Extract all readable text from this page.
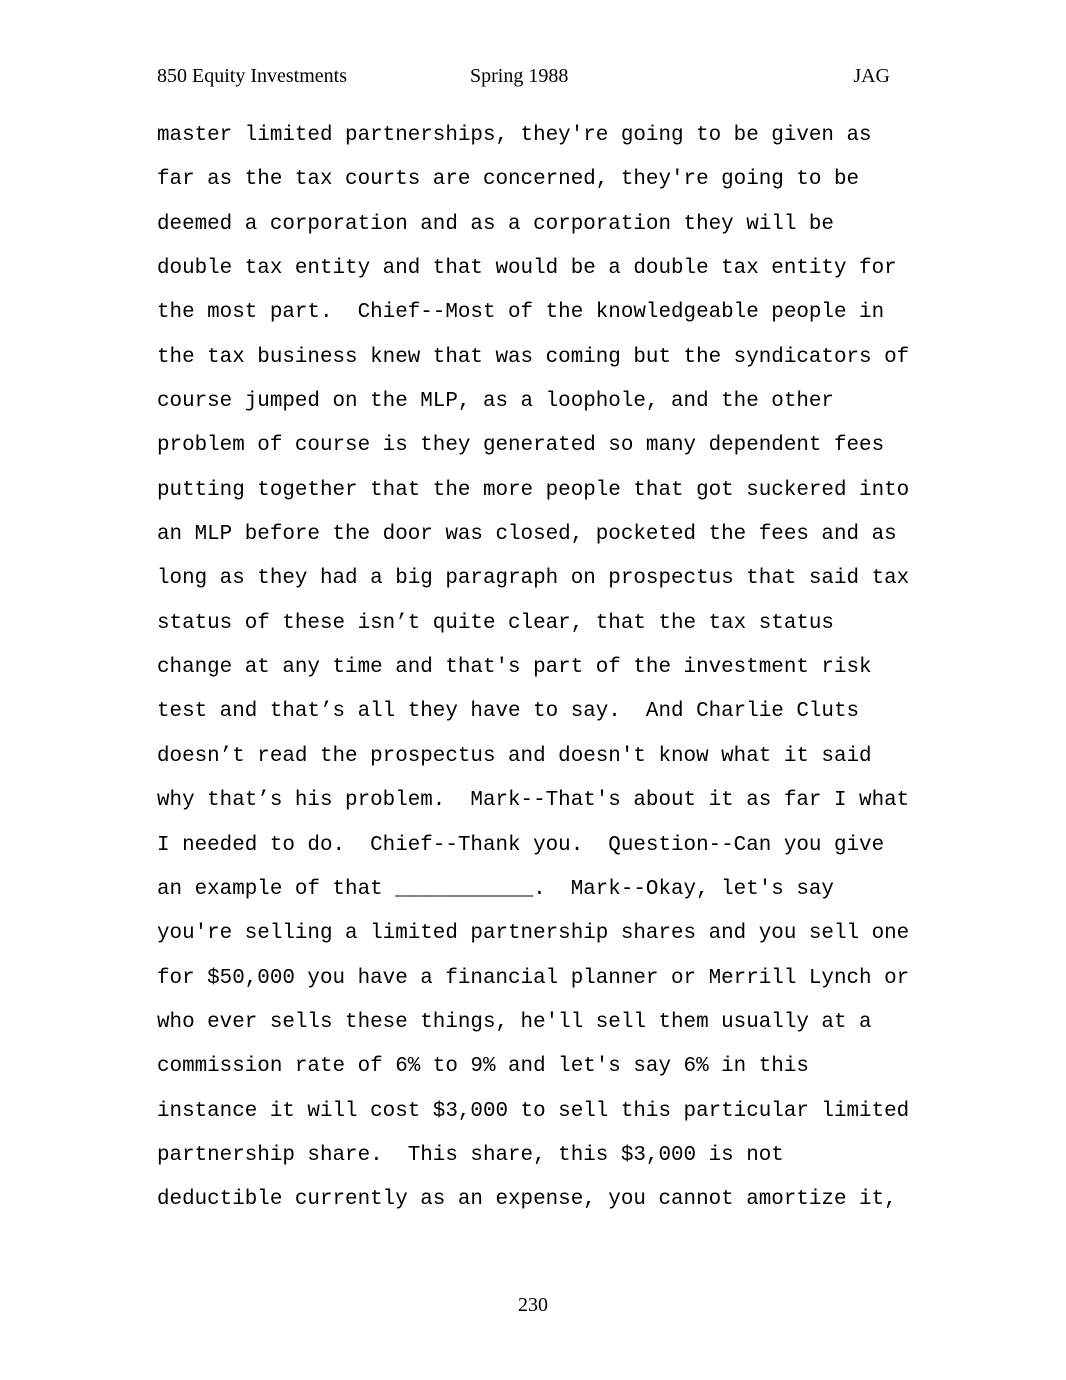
850 Equity Investments	Spring 1988	JAG
master limited partnerships, they're going to be given as
far as the tax courts are concerned, they're going to be
deemed a corporation and as a corporation they will be
double tax entity and that would be a double tax entity for
the most part.  Chief--Most of the knowledgeable people in
the tax business knew that was coming but the syndicators of
course jumped on the MLP, as a loophole, and the other
problem of course is they generated so many dependent fees
putting together that the more people that got suckered into
an MLP before the door was closed, pocketed the fees and as
long as they had a big paragraph on prospectus that said tax
status of these isn’t quite clear, that the tax status
change at any time and that's part of the investment risk
test and that’s all they have to say.  And Charlie Cluts
doesn’t read the prospectus and doesn't know what it said
why that’s his problem.  Mark--That's about it as far I what
I needed to do.  Chief--Thank you.  Question--Can you give
an example of that ___________.  Mark--Okay, let's say
you're selling a limited partnership shares and you sell one
for $50,000 you have a financial planner or Merrill Lynch or
who ever sells these things, he'll sell them usually at a
commission rate of 6% to 9% and let's say 6% in this
instance it will cost $3,000 to sell this particular limited
partnership share.  This share, this $3,000 is not
deductible currently as an expense, you cannot amortize it,
230
